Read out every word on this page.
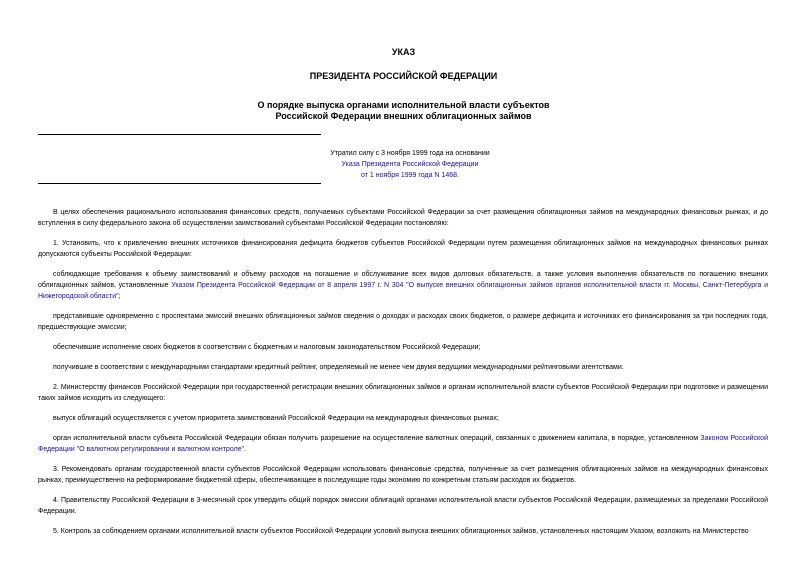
УКАЗ
ПРЕЗИДЕНТА РОССИЙСКОЙ ФЕДЕРАЦИИ
О порядке выпуска органами исполнительной власти субъектов
Российской Федерации внешних облигационных займов
Утратил силу с 3 ноября 1999 года на основании
Указа Президента Российской Федерации
от 1 ноября 1999 года N 1468.

В целях обеспечения рационального использования финансовых средств, получаемых субъектами Российской Федерации за счет размещения облигационных займов на международных финансовых рынках, и до вступления в силу федерального закона об осуществлении заимствований субъектами Российской Федерации постановляю:

1. Установить, что к привлечению внешних источников финансирования дефицита бюджетов субъектов Российской Федерации путем размещения облигационных займов на международных финансовых рынках допускаются субъекты Российской Федерации:

соблюдающие требования к объему заимствований и объему расходов на погашение и обслуживание всех видов долговых обязательств, а также условия выполнения обязательств по погашению внешних облигационных займов, установленные Указом Президента Российской Федерации от 8 апреля 1997 г. N 304 "О выпуске внешних облигационных займов органов исполнительной власти гг. Москвы, Санкт-Петербурга и Нижегородской области";

представившие одновременно с проспектами эмиссий внешних облигационных займов сведения о доходах и расходах своих бюджетов, о размере дефицита и источниках его финансирования за три последних года, предшествующие эмиссии;

обеспечившие исполнение своих бюджетов в соответствии с бюджетным и налоговым законодательством Российской Федерации;

получившие в соответствии с международными стандартами кредитный рейтинг, определяемый не менее чем двумя ведущими международными рейтинговыми агентствами.

2. Министерству финансов Российской Федерации при государственной регистрации внешних облигационных займов и органам исполнительной власти субъектов Российской Федерации при подготовке и размещении таких займов исходить из следующего:

выпуск облигаций осуществляется с учетом приоритета заимствований Российской Федерации на международных финансовых рынках;

орган исполнительной власти субъекта Российской Федерации обязан получить разрешение на осуществление валютных операций, связанных с движением капитала, в порядке, установленном Законом Российской Федерации "О валютном регулировании и валютном контроле".

3. Рекомендовать органам государственной власти субъектов Российской Федерации использовать финансовые средства, полученные за счет размещения облигационных займов на международных финансовых рынках, преимущественно на реформирование бюджетной сферы, обеспечивающее в последующие годы экономию по конкретным статьям расходов их бюджетов.

4. Правительству Российской Федерации в 3-месячный срок утвердить общий порядок эмиссии облигаций органами исполнительной власти субъектов Российской Федерации, размещаемых за пределами Российской Федерации.

5. Контроль за соблюдением органами исполнительной власти субъектов Российской Федерации условий выпуска внешних облигационных займов, установленных настоящим Указом, возложить на Министерство
